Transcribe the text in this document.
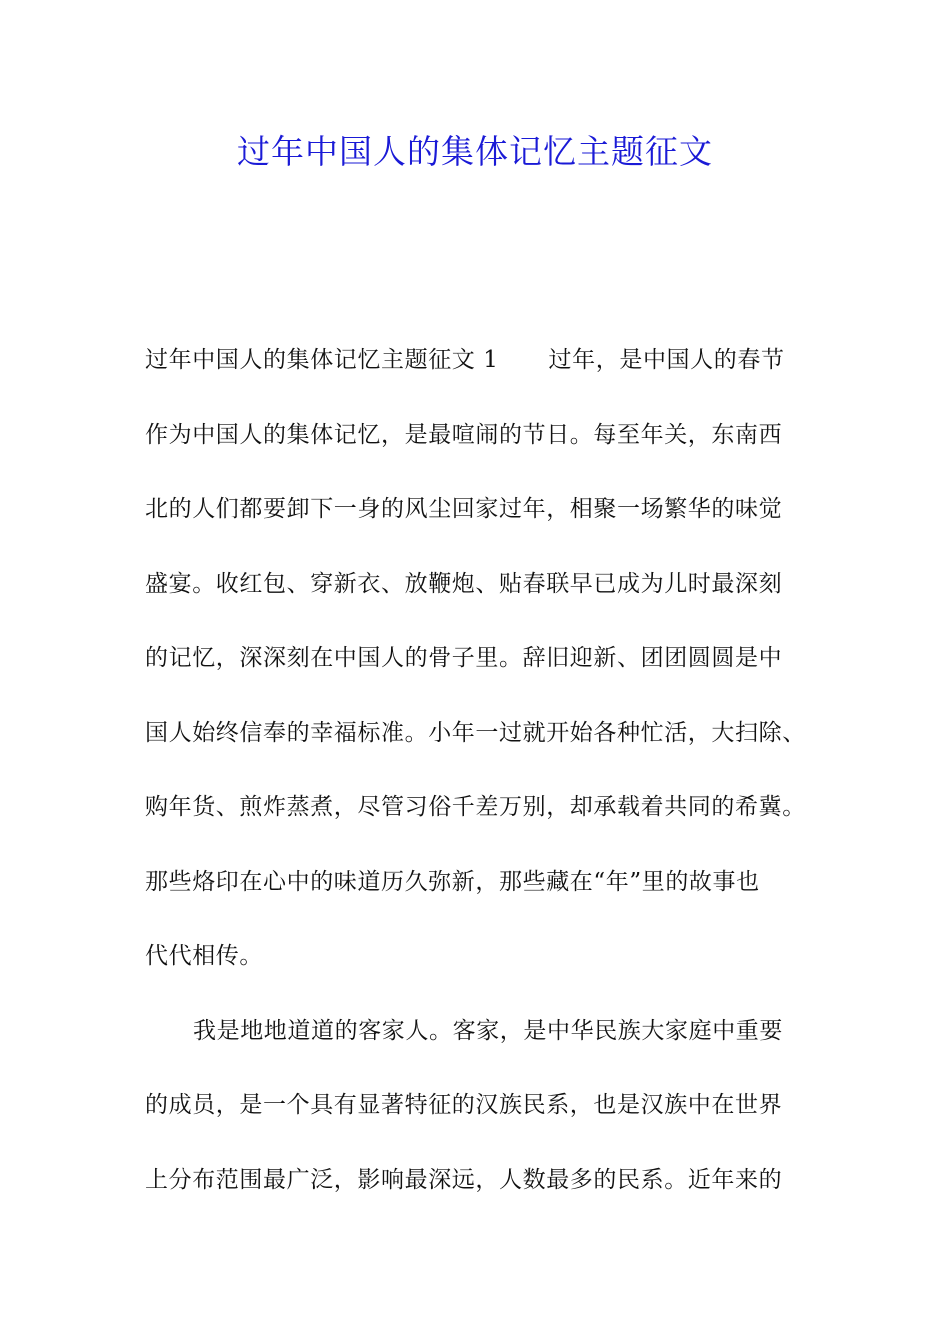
过年中国人的集体记忆主题征文
过年中国人的集体记忆主题征文 1 过年，是中国人的春节
作为中国人的集体记忆，是最喧闹的节日。每至年关，东南西
北的人们都要卸下一身的风尘回家过年，相聚一场繁华的味觉
盛宴。收红包、穿新衣、放鞭炮、贴春联早已成为儿时最深刻
的记忆，深深刻在中国人的骨子里。辞旧迎新、团团圆圆是中
国人始终信奉的幸福标准。小年一过就开始各种忙活，大扫除、
购年货、煎炸蒸煮，尽管习俗千差万别，却承载着共同的希冀。
那些烙印在心中的味道历久弥新，那些藏在“年”里的故事也
代代相传。
我是地地道道的客家人。客家，是中华民族大家庭中重要
的成员，是一个具有显著特征的汉族民系，也是汉族中在世界
上分布范围最广泛，影响最深远，人数最多的民系。近年来的
